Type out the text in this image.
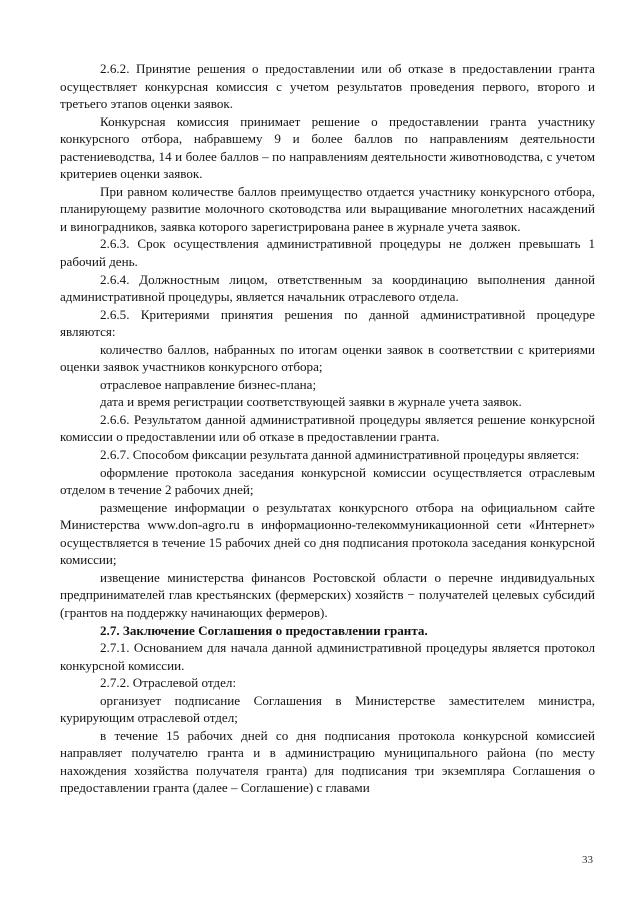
2.6.2. Принятие решения о предоставлении или об отказе в предоставлении гранта осуществляет конкурсная комиссия с учетом результатов проведения первого, второго и третьего этапов оценки заявок.

Конкурсная комиссия принимает решение о предоставлении гранта участнику конкурсного отбора, набравшему 9 и более баллов по направлениям деятельности растениеводства, 14 и более баллов – по направлениям деятельности животноводства, с учетом критериев оценки заявок.

При равном количестве баллов преимущество отдается участнику конкурсного отбора, планирующему развитие молочного скотоводства или выращивание многолетних насаждений и виноградников, заявка которого зарегистрирована ранее в журнале учета заявок.

2.6.3. Срок осуществления административной процедуры не должен превышать 1 рабочий день.

2.6.4. Должностным лицом, ответственным за координацию выполнения данной административной процедуры, является начальник отраслевого отдела.

2.6.5. Критериями принятия решения по данной административной процедуре являются:

количество баллов, набранных по итогам оценки заявок в соответствии с критериями оценки заявок участников конкурсного отбора;

отраслевое направление бизнес-плана;

дата и время регистрации соответствующей заявки в журнале учета заявок.

2.6.6. Результатом данной административной процедуры является решение конкурсной комиссии о предоставлении или об отказе в предоставлении гранта.

2.6.7. Способом фиксации результата данной административной процедуры является:

оформление протокола заседания конкурсной комиссии осуществляется отраслевым отделом в течение 2 рабочих дней;

размещение информации о результатах конкурсного отбора на официальном сайте Министерства www.don-agro.ru в информационно-телекоммуникационной сети «Интернет» осуществляется в течение 15 рабочих дней со дня подписания протокола заседания конкурсной комиссии;

извещение министерства финансов Ростовской области о перечне индивидуальных предпринимателей глав крестьянских (фермерских) хозяйств − получателей целевых субсидий (грантов на поддержку начинающих фермеров).

2.7. Заключение Соглашения о предоставлении гранта.

2.7.1. Основанием для начала данной административной процедуры является протокол конкурсной комиссии.

2.7.2. Отраслевой отдел:

организует подписание Соглашения в Министерстве заместителем министра, курирующим отраслевой отдел;

в течение 15 рабочих дней со дня подписания протокола конкурсной комиссией направляет получателю гранта и в администрацию муниципального района (по месту нахождения хозяйства получателя гранта) для подписания три экземпляра Соглашения о предоставлении гранта (далее – Соглашение) с главами

33
